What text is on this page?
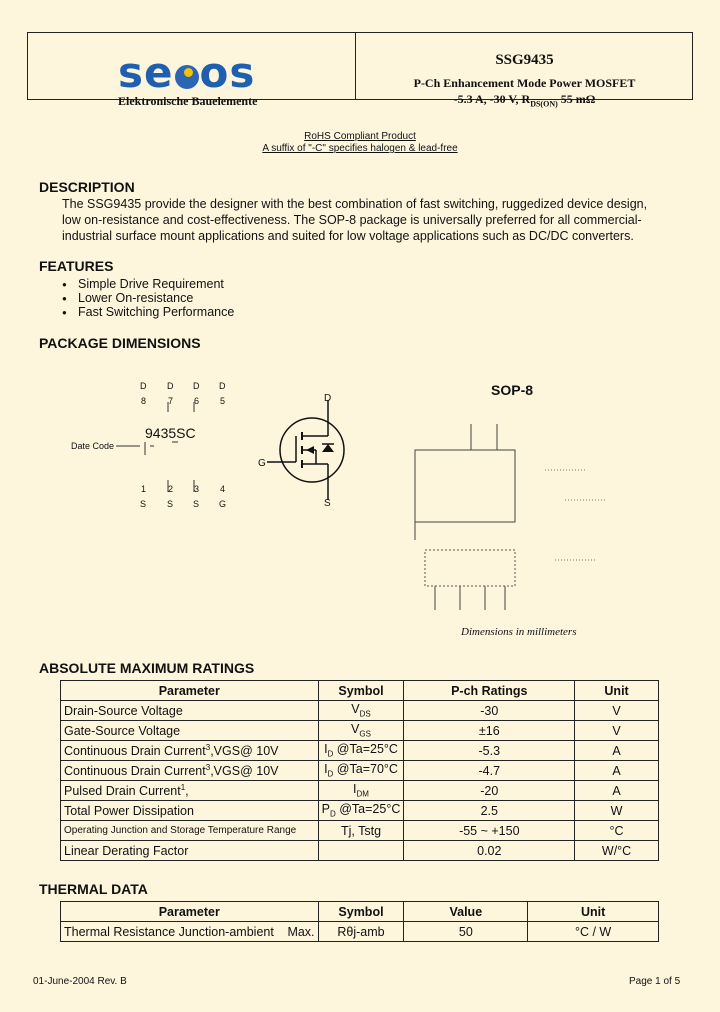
se os
Elektronische Bauelemente
SSG9435
P-Ch Enhancement Mode Power MOSFET
-5.3 A, -30 V, $R_{DS(ON)}$ 55 mΩ
RoHS Compliant Product
A suffix of "-C" specifies halogen & lead-free
DESCRIPTION
The SSG9435 provide the designer with the best combination of fast switching, ruggedized device design, low on-resistance and cost-effectiveness. The SOP-8 package is universally preferred for all commercial-industrial surface mount applications and suited for low voltage applications such as DC/DC converters.
FEATURES
● Simple Drive Requirement
● Lower On-resistance
● Fast Switching Performance
PACKAGE DIMENSIONS
D D D D
8 7 6 5
9435SC
Date Code
1 2 3 4
S S S G
D
G
S
SOP-8
Dimensions in millimeters
ABSOLUTE MAXIMUM RATINGS
Parameter	Symbol	P-ch Ratings	Unit
Drain-Source Voltage	$V_{DS}$	-30	V
Gate-Source Voltage	$V_{GS}$	±16	V
Continuous Drain Current$^3$,VGS@ 10V	$I_D$ @Ta=25°C	-5.3	A
Continuous Drain Current$^3$,VGS@ 10V	$I_D$ @Ta=70°C	-4.7	A
Pulsed Drain Current$^1$,	$I_{DM}$	-20	A
Total Power Dissipation	$P_D$ @Ta=25°C	2.5	W
Operating Junction and Storage Temperature Range	Tj, Tstg	-55 ~ +150	°C
Linear Derating Factor		0.02	W/°C
THERMAL DATA
Parameter	Symbol	Value	Unit
Thermal Resistance Junction-ambient Max.	Rθj-amb	50	°C / W
01-June-2004 Rev. B	Page 1 of 5
